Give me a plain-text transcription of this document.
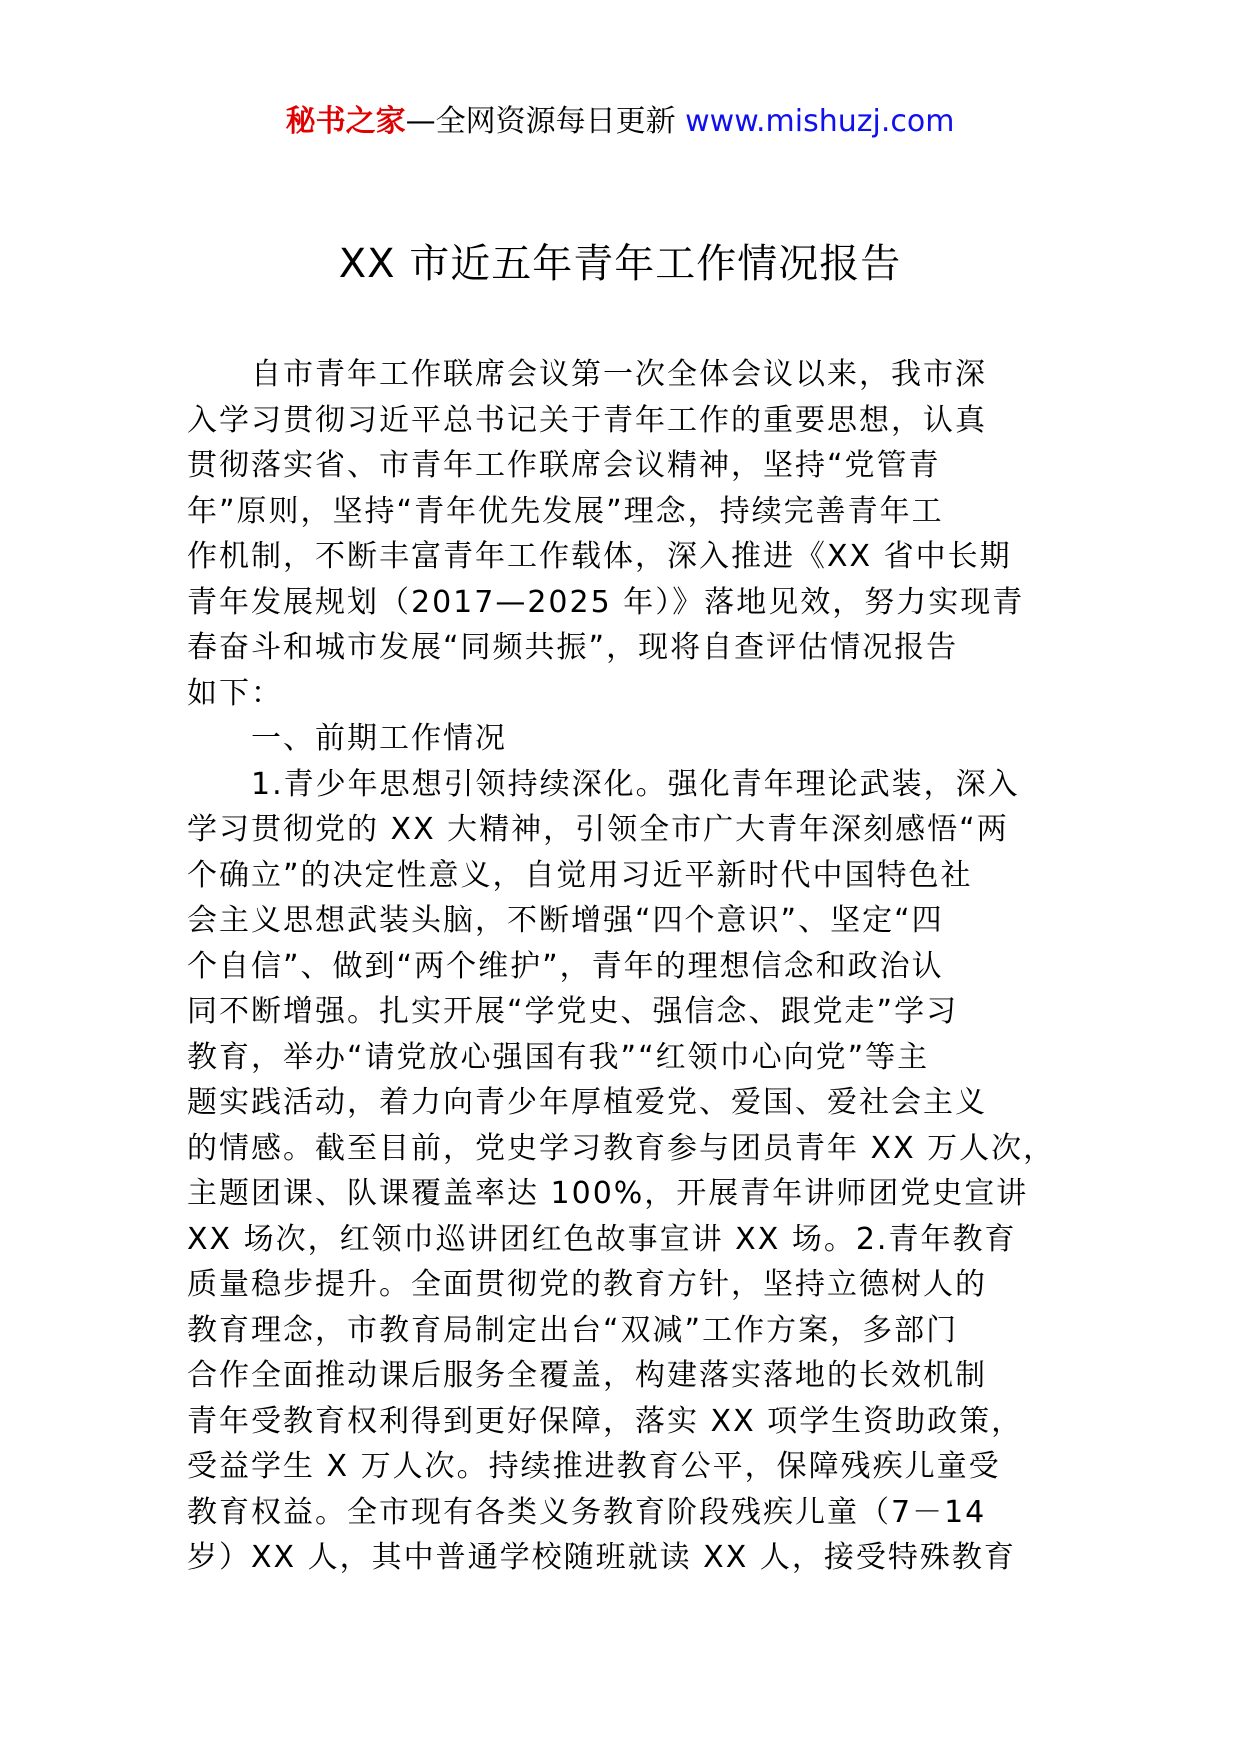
秘书之家—全网资源每日更新 www.mishuzj.com
XX 市近五年青年工作情况报告
自市青年工作联席会议第一次全体会议以来，我市深
入学习贯彻习近平总书记关于青年工作的重要思想，认真
贯彻落实省、市青年工作联席会议精神，坚持“党管青
年”原则，坚持“青年优先发展”理念，持续完善青年工
作机制，不断丰富青年工作载体，深入推进《XX 省中长期
青年发展规划（2017—2025 年）》落地见效，努力实现青
春奋斗和城市发展“同频共振”，现将自查评估情况报告
如下：
一、前期工作情况
1.青少年思想引领持续深化。强化青年理论武装，深入
学习贯彻党的 XX 大精神，引领全市广大青年深刻感悟“两
个确立”的决定性意义，自觉用习近平新时代中国特色社
会主义思想武装头脑，不断增强“四个意识”、坚定“四
个自信”、做到“两个维护”，青年的理想信念和政治认
同不断增强。扎实开展“学党史、强信念、跟党走”学习
教育，举办“请党放心强国有我”“红领巾心向党”等主
题实践活动，着力向青少年厚植爱党、爱国、爱社会主义
的情感。截至目前，党史学习教育参与团员青年 XX 万人次，
主题团课、队课覆盖率达 100%，开展青年讲师团党史宣讲
XX 场次，红领巾巡讲团红色故事宣讲 XX 场。2.青年教育
质量稳步提升。全面贯彻党的教育方针，坚持立德树人的
教育理念，市教育局制定出台“双减”工作方案，多部门
合作全面推动课后服务全覆盖，构建落实落地的长效机制
青年受教育权利得到更好保障，落实 XX 项学生资助政策，
受益学生 X 万人次。持续推进教育公平，保障残疾儿童受
教育权益。全市现有各类义务教育阶段残疾儿童（7－14
岁）XX 人，其中普通学校随班就读 XX 人，接受特殊教育
